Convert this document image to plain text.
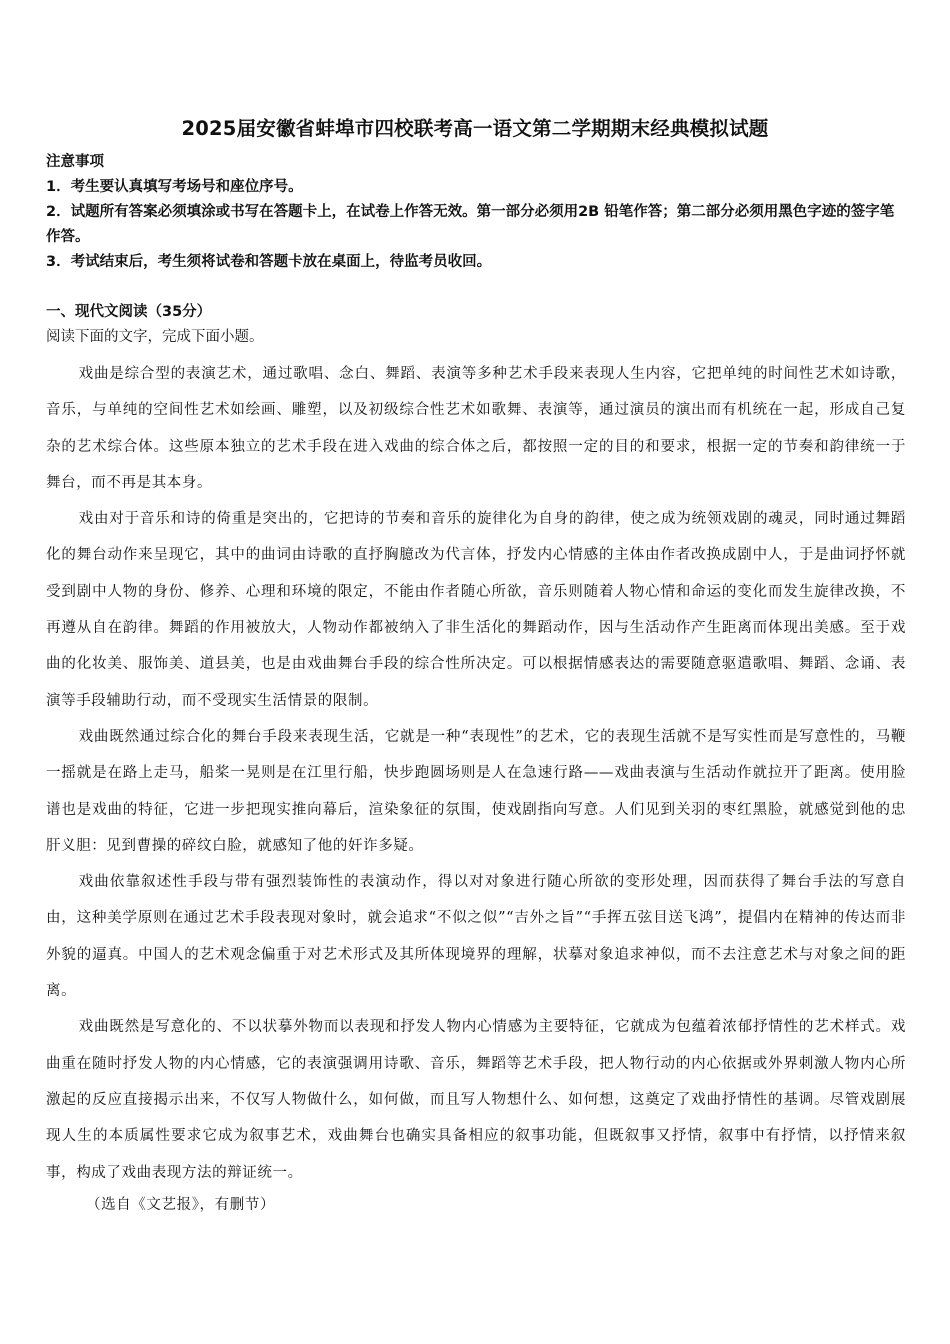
2025届安徽省蚌埠市四校联考高一语文第二学期期末经典模拟试题
注意事项
1．考生要认真填写考场号和座位序号。
2．试题所有答案必须填涂或书写在答题卡上，在试卷上作答无效。第一部分必须用2B 铅笔作答；第二部分必须用黑色字迹的签字笔作答。
3．考试结束后，考生须将试卷和答题卡放在桌面上，待监考员收回。
一、现代文阅读（35分）
阅读下面的文字，完成下面小题。

戏曲是综合型的表演艺术，通过歌唱、念白、舞蹈、表演等多种艺术手段来表现人生内容，它把单纯的时间性艺术如诗歌，音乐，与单纯的空间性艺术如绘画、雕塑，以及初级综合性艺术如歌舞、表演等，通过演员的演出而有机统在一起，形成自己复杂的艺术综合体。这些原本独立的艺术手段在进入戏曲的综合体之后，都按照一定的目的和要求，根据一定的节奏和韵律统一于舞台，而不再是其本身。

戏由对于音乐和诗的倚重是突出的，它把诗的节奏和音乐的旋律化为自身的韵律，使之成为统领戏剧的魂灵，同时通过舞蹈化的舞台动作来呈现它，其中的曲词由诗歌的直抒胸臆改为代言体，抒发内心情感的主体由作者改换成剧中人，于是曲词抒怀就受到剧中人物的身份、修养、心理和环境的限定，不能由作者随心所欲，音乐则随着人物心情和命运的变化而发生旋律改换，不再遵从自在韵律。舞蹈的作用被放大，人物动作都被纳入了非生活化的舞蹈动作，因与生活动作产生距离而体现出美感。至于戏曲的化妆美、服饰美、道县美，也是由戏曲舞台手段的综合性所决定。可以根据情感表达的需要随意驱遣歌唱、舞蹈、念诵、表演等手段辅助行动，而不受现实生活情景的限制。

戏曲既然通过综合化的舞台手段来表现生活，它就是一种“表现性”的艺术，它的表现生活就不是写实性而是写意性的，马鞭一摇就是在路上走马，船桨一晃则是在江里行船，快步跑圆场则是人在急速行路——戏曲表演与生活动作就拉开了距离。使用脸谱也是戏曲的特征，它进一步把现实推向幕后，渲染象征的氛围，使戏剧指向写意。人们见到关羽的枣红黑脸，就感觉到他的忠肝义胆：见到曹操的碎纹白脸，就感知了他的奸诈多疑。

戏曲依靠叙述性手段与带有强烈装饰性的表演动作，得以对对象进行随心所欲的变形处理，因而获得了舞台手法的写意自由，这种美学原则在通过艺术手段表现对象时，就会追求“不似之似”“吉外之旨”“手挥五弦目送飞鸿”，提倡内在精神的传达而非外貌的逼真。中国人的艺术观念偏重于对艺术形式及其所体现境界的理解，状摹对象追求神似，而不去注意艺术与对象之间的距离。

戏曲既然是写意化的、不以状摹外物而以表现和抒发人物内心情感为主要特征，它就成为包蕴着浓郁抒情性的艺术样式。戏曲重在随时抒发人物的内心情感，它的表演强调用诗歌、音乐，舞蹈等艺术手段，把人物行动的内心依据或外界刺激人物内心所激起的反应直接揭示出来，不仅写人物做什么，如何做，而且写人物想什么、如何想，这奠定了戏曲抒情性的基调。尽管戏剧展现人生的本质属性要求它成为叙事艺术，戏曲舞台也确实具备相应的叙事功能，但既叙事又抒情，叙事中有抒情，以抒情来叙事，构成了戏曲表现方法的辩证统一。

（选自《文艺报》，有删节）
